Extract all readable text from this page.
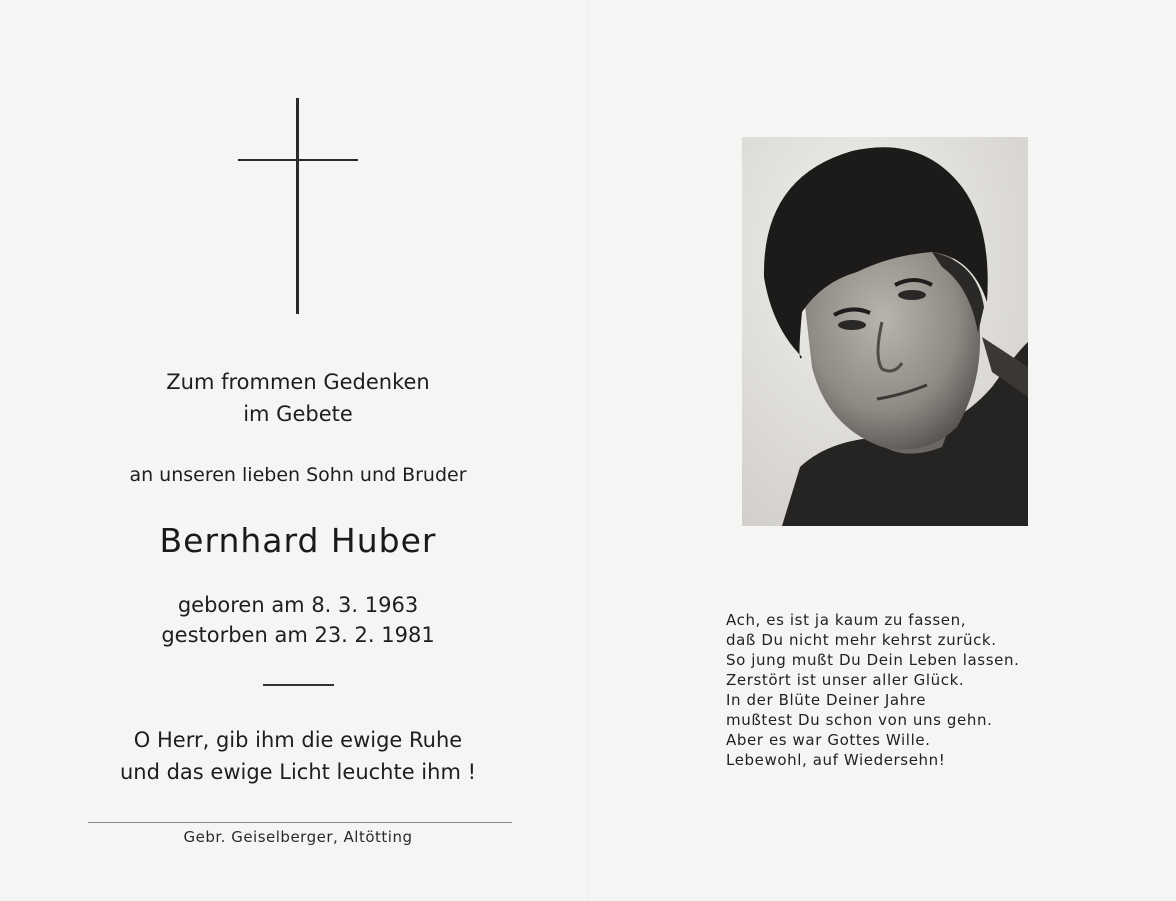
Zum frommen Gedenken
im Gebete
an unseren lieben Sohn und Bruder
Bernhard Huber
geboren am 8. 3. 1963
gestorben am 23. 2. 1981
O Herr, gib ihm die ewige Ruhe
und das ewige Licht leuchte ihm !
Gebr. Geiselberger, Altötting
Ach, es ist ja kaum zu fassen,
daß Du nicht mehr kehrst zurück.
So jung mußt Du Dein Leben lassen.
Zerstört ist unser aller Glück.
In der Blüte Deiner Jahre
mußtest Du schon von uns gehn.
Aber es war Gottes Wille.
Lebewohl, auf Wiedersehn!
